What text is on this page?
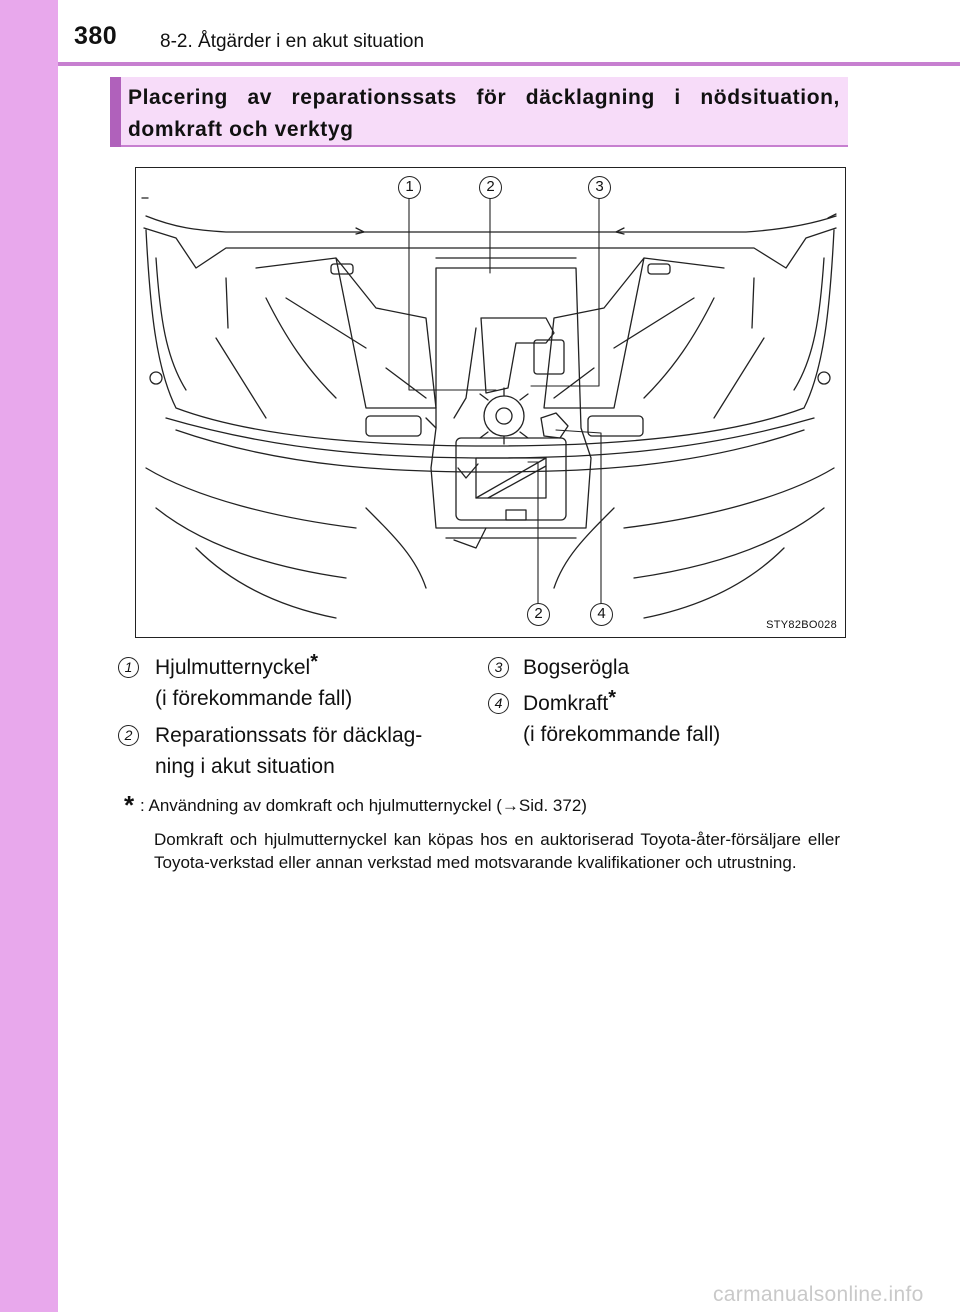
380 8-2. Åtgärder i en akut situation
Placering av reparationssats för däcklagning i nödsituation, domkraft och verktyg
1	2	3
2	4
STY82BO028
1	Hjulmutternyckel*
(i förekommande fall)
2	Reparationssats för däcklag-
ning i akut situation
3 Bogserögla
4 Domkraft*
(i förekommande fall)
* : Användning av domkraft och hjulmutternyckel (→Sid. 372)
Domkraft och hjulmutternyckel kan köpas hos en auktoriserad Toyota-åter-försäljare eller Toyota-verkstad eller annan verkstad med motsvarande kvalifikationer och utrustning.
carmanualsonline.info
